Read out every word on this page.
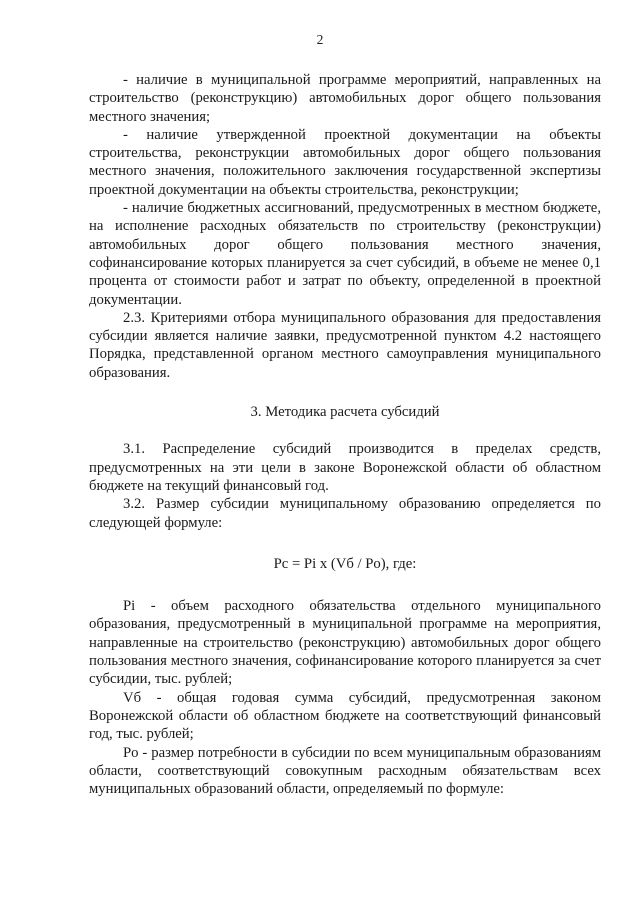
2

- наличие в муниципальной программе мероприятий, направленных на строительство (реконструкцию) автомобильных дорог общего пользования местного значения;

- наличие утвержденной проектной документации на объекты строительства, реконструкции автомобильных дорог общего пользования местного значения, положительного заключения государственной экспертизы проектной документации на объекты строительства, реконструкции;

- наличие бюджетных ассигнований, предусмотренных в местном бюджете, на исполнение расходных обязательств по строительству (реконструкции) автомобильных дорог общего пользования местного значения, софинансирование которых планируется за счет субсидий, в объеме не менее 0,1 процента от стоимости работ и затрат по объекту, определенной в проектной документации.

2.3. Критериями отбора муниципального образования для предоставления субсидии является наличие заявки, предусмотренной пунктом 4.2 настоящего Порядка, представленной органом местного самоуправления муниципального образования.

3. Методика расчета субсидий

3.1. Распределение субсидий производится в пределах средств, предусмотренных на эти цели в законе Воронежской области об областном бюджете на текущий финансовый год.

3.2. Размер субсидии муниципальному образованию определяется по следующей формуле:

Pс = Pi x (Vб / Pо), где:

Pi - объем расходного обязательства отдельного муниципального образования, предусмотренный в муниципальной программе на мероприятия, направленные на строительство (реконструкцию) автомобильных дорог общего пользования местного значения, софинансирование которого планируется за счет субсидии, тыс. рублей;

Vб - общая годовая сумма субсидий, предусмотренная законом Воронежской области об областном бюджете на соответствующий финансовый год, тыс. рублей;

Pо - размер потребности в субсидии по всем муниципальным образованиям области, соответствующий совокупным расходным обязательствам всех муниципальных образований области, определяемый по формуле:
